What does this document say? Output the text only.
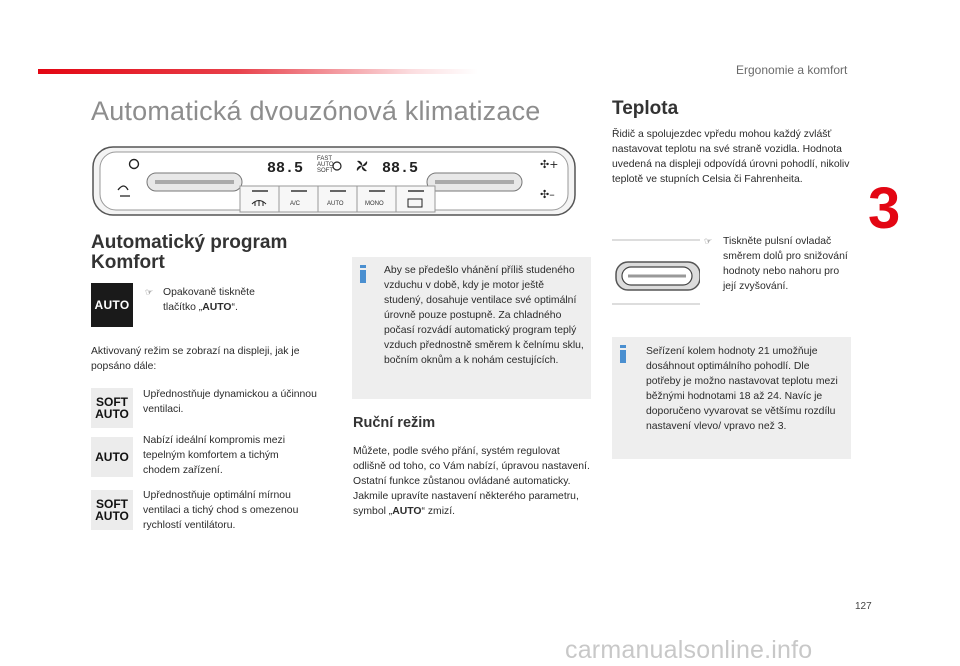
Ergonomie a komfort
3
Automatická dvouzónová klimatizace
88.5
FAST
AUTO
SOFT	88.5	✣+
✣–
A/C	AUTO	MONO
Automatický program Komfort
AUTO
☞ Opakovaně tiskněte
tlačítko „AUTO“.
Aktivovaný režim se zobrazí na displeji, jak je popsáno dále:
SOFT
AUTO
Upřednostňuje dynamickou a účinnou ventilaci.
AUTO
Nabízí ideální kompromis mezi tepelným komfortem a tichým chodem zařízení.
SOFT
AUTO
Upřednostňuje optimální mírnou ventilaci a tichý chod s omezenou rychlostí ventilátoru.
Aby se předešlo vhánění příliš studeného vzduchu v době, kdy je motor ještě studený, dosahuje ventilace své optimální úrovně pouze postupně. Za chladného počasí rozvádí automatický program teplý vzduch přednostně směrem k čelnímu sklu, bočním oknům a k nohám cestujících.
Ruční režim
Můžete, podle svého přání, systém regulovat odlišně od toho, co Vám nabízí, úpravou nastavení. Ostatní funkce zůstanou ovládané automaticky.
Jakmile upravíte nastavení některého parametru, symbol „AUTO“ zmizí.
Teplota
Řidič a spolujezdec vpředu mohou každý zvlášť nastavovat teplotu na své straně vozidla. Hodnota uvedená na displeji odpovídá úrovni pohodlí, nikoliv teplotě ve stupních Celsia či Fahrenheita.
☞ Tiskněte pulsní ovladač směrem dolů pro snižování hodnoty nebo nahoru pro její zvyšování.
Seřízení kolem hodnoty 21 umožňuje dosáhnout optimálního pohodlí. Dle potřeby je možno nastavovat teplotu mezi běžnými hodnotami 18 až 24. Navíc je doporučeno vyvarovat se většímu rozdílu nastavení vlevo/ vpravo než 3.
127
carmanualsonline.info
